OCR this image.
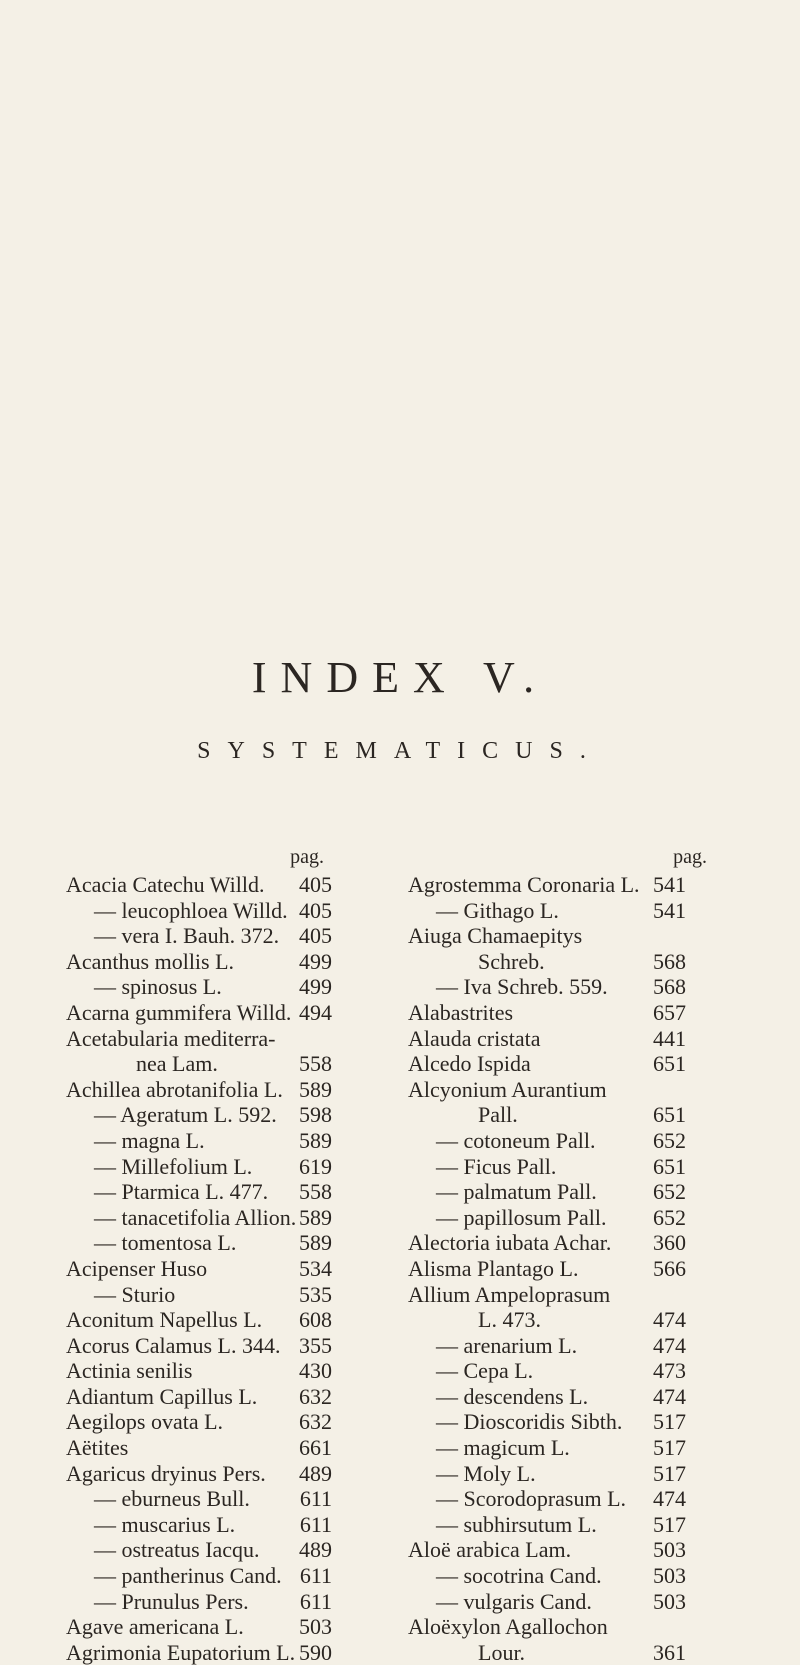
INDEX V.
SYSTEMATICUS.
pag.
Acacia Catechu Willd. 405
— leucophloea Willd. 405
— vera I. Bauh. 372. 405
Acanthus mollis L.	499
— spinosus L.	499
Acarna gummifera Willd. 494
Acetabularia mediterra-
nea Lam.	558
Achillea abrotanifolia L. 589
— Ageratum L. 592. 598
— magna L.	589
— Millefolium L. 619
— Ptarmica L. 477. 558
— tanacetifolia Allion. 589
— tomentosa L.	589
Acipenser Huso	534
— Sturio	535
Aconitum Napellus L. 608
Acorus Calamus L. 344. 355
Actinia senilis	430
Adiantum Capillus L. 632
Aegilops ovata L.	632
Aëtites	661
Agaricus dryinus Pers. 489
— eburneus Bull. 611
— muscarius L.	611
— ostreatus Iacqu. 489
— pantherinus Cand. 611
— Prunulus Pers. 611
Agave americana L.	503
Agrimonia Eupatorium L. 590
pag.
Agrostemma Coronaria L. 541
— Githago L.	541
Aiuga Chamaepitys
Schreb.	568
— Iva Schreb. 559. 568
Alabastrites	657
Alauda cristata	441
Alcedo Ispida	651
Alcyonium Aurantium
Pall.	651
— cotoneum Pall.	652
— Ficus Pall.	651
— palmatum Pall.	652
— papillosum Pall. 652
Alectoria iubata Achar. 360
Alisma Plantago L.	566
Allium Ampeloprasum
L. 473.	474
— arenarium L.	474
— Cepa L.	473
— descendens L.	474
— Dioscoridis Sibth. 517
— magicum L.	517
— Moly L.	517
— Scorodoprasum L. 474
— subhirsutum L.	517
Aloë arabica Lam.	503
— socotrina Cand. 503
— vulgaris Cand.	503
Aloëxylon Agallochon
Lour.	361
